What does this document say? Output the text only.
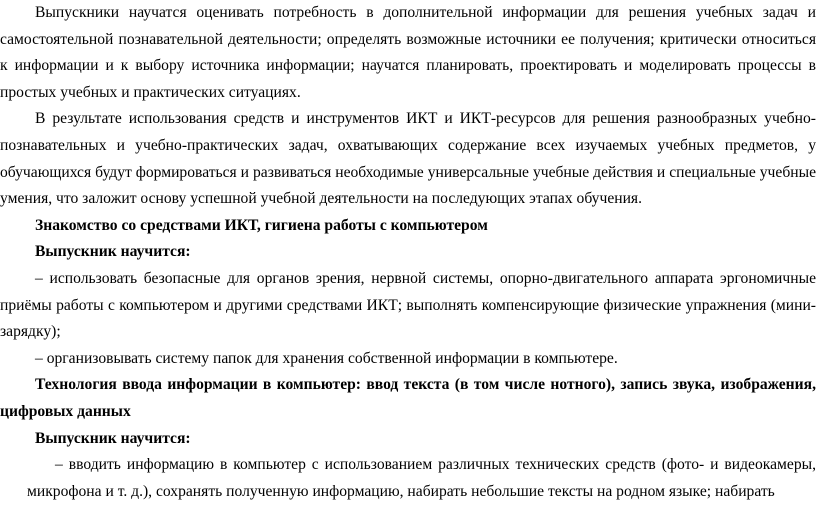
Выпускники научатся оценивать потребность в дополнительной информации для решения учебных задач и самостоятельной познавательной деятельности; определять возможные источники ее получения; критически относиться к информации и к выбору источника информации; научатся планировать, проектировать и моделировать процессы в простых учебных и практических ситуациях.

В результате использования средств и инструментов ИКТ и ИКТ-ресурсов для решения разнообразных учебно-познавательных и учебно-практических задач, охватывающих содержание всех изучаемых учебных предметов, у обучающихся будут формироваться и развиваться необходимые универсальные учебные действия и специальные учебные умения, что заложит основу успешной учебной деятельности на последующих этапах обучения.

Знакомство со средствами ИКТ, гигиена работы с компьютером

Выпускник научится:

– использовать безопасные для органов зрения, нервной системы, опорно-двигательного аппарата эргономичные приёмы работы с компьютером и другими средствами ИКТ; выполнять компенсирующие физические упражнения (мини-зарядку);

– организовывать систему папок для хранения собственной информации в компьютере.

Технология ввода информации в компьютер: ввод текста (в том числе нотного), запись звука, изображения, цифровых данных

Выпускник научится:

– вводить информацию в компьютер с использованием различных технических средств (фото- и видеокамеры, микрофона и т. д.), сохранять полученную информацию, набирать небольшие тексты на родном языке; набирать
